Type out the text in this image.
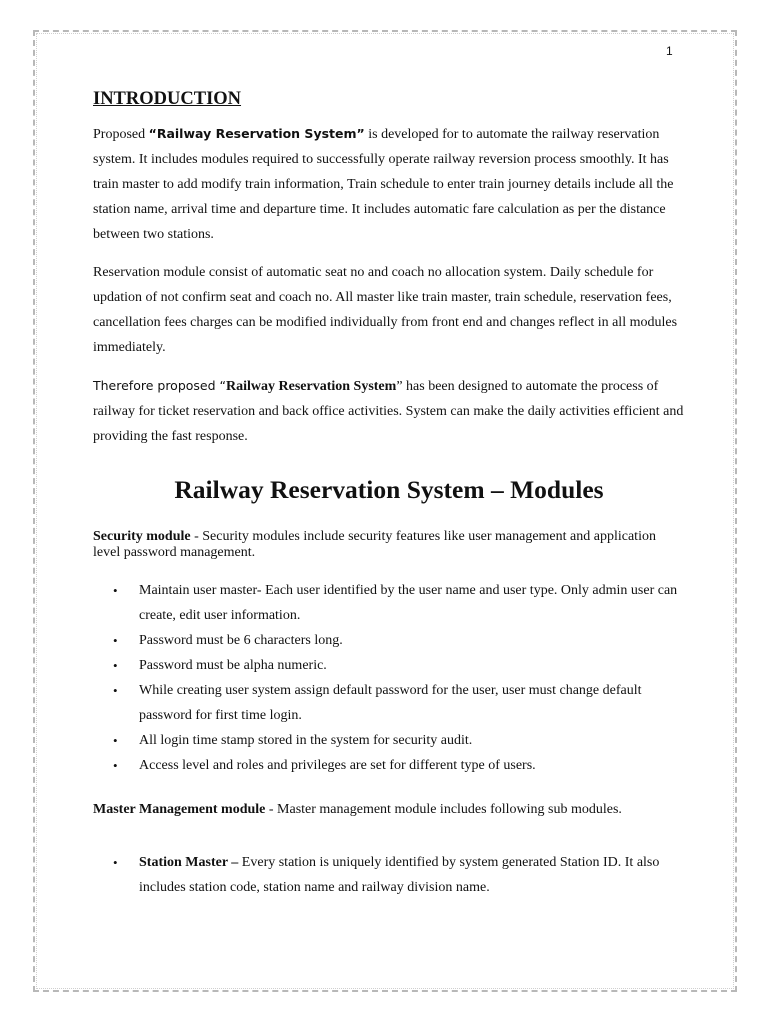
1
INTRODUCTION

Proposed “Railway Reservation System” is developed for to automate the railway reservation system. It includes modules required to successfully operate railway reversion process smoothly. It has train master to add modify train information, Train schedule to enter train journey details include all the station name, arrival time and departure time. It includes automatic fare calculation as per the distance between two stations.

Reservation module consist of automatic seat no and coach no allocation system. Daily schedule for updation of not confirm seat and coach no. All master like train master, train schedule, reservation fees, cancellation fees charges can be modified individually from front end and changes reflect in all modules immediately.

Therefore proposed “Railway Reservation System” has been designed to automate the process of railway for ticket reservation and back office activities. System can make the daily activities efficient and providing the fast response.

Railway Reservation System – Modules

Security module - Security modules include security features like user management and application level password management.

• Maintain user master- Each user identified by the user name and user type. Only admin user can create, edit user information.
• Password must be 6 characters long.
• Password must be alpha numeric.
• While creating user system assign default password for the user, user must change default password for first time login.
• All login time stamp stored in the system for security audit.
• Access level and roles and privileges are set for different type of users.

Master Management module - Master management module includes following sub modules.

• Station Master – Every station is uniquely identified by system generated Station ID. It also includes station code, station name and railway division name.
